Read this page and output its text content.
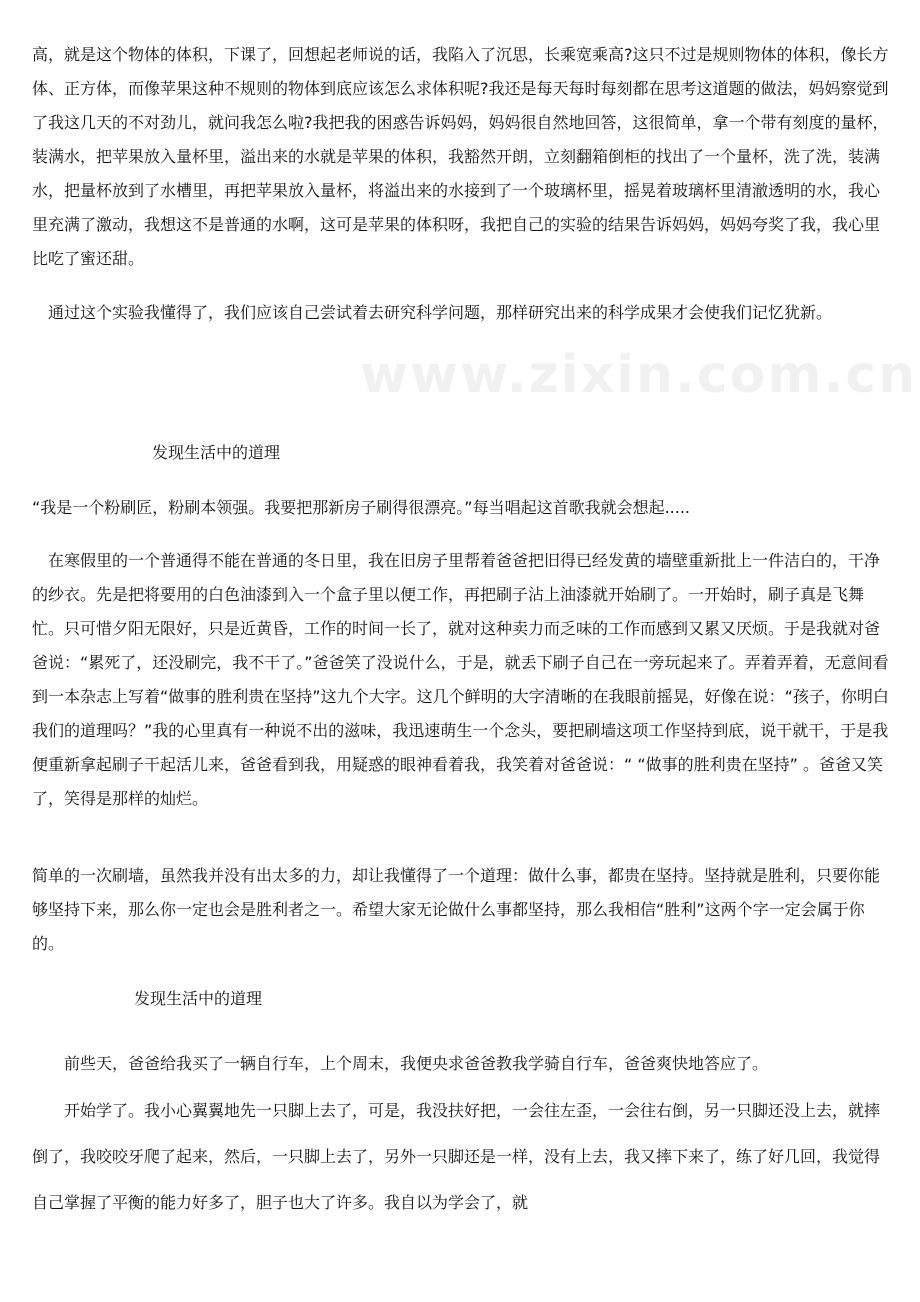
www.zixin.com.cn

高，就是这个物体的体积，下课了，回想起老师说的话，我陷入了沉思，长乘宽乘高?这只不过是规则物体的体积，像长方体、正方体，而像苹果这种不规则的物体到底应该怎么求体积呢?我还是每天每时每刻都在思考这道题的做法，妈妈察觉到了我这几天的不对劲儿，就问我怎么啦?我把我的困惑告诉妈妈，妈妈很自然地回答，这很简单，拿一个带有刻度的量杯，装满水，把苹果放入量杯里，溢出来的水就是苹果的体积，我豁然开朗，立刻翻箱倒柜的找出了一个量杯，洗了洗，装满水，把量杯放到了水槽里，再把苹果放入量杯，将溢出来的水接到了一个玻璃杯里，摇晃着玻璃杯里清澈透明的水，我心里充满了激动，我想这不是普通的水啊，这可是苹果的体积呀，我把自己的实验的结果告诉妈妈，妈妈夸奖了我，我心里比吃了蜜还甜。

　通过这个实验我懂得了，我们应该自己尝试着去研究科学问题，那样研究出来的科学成果才会使我们记忆犹新。

发现生活中的道理

“我是一个粉刷匠，粉刷本领强。我要把那新房子刷得很漂亮。”每当唱起这首歌我就会想起.....

　在寒假里的一个普通得不能在普通的冬日里，我在旧房子里帮着爸爸把旧得已经发黄的墙壁重新批上一件洁白的，干净的纱衣。先是把将要用的白色油漆到入一个盒子里以便工作，再把刷子沾上油漆就开始刷了。一开始时，刷子真是飞舞忙。只可惜夕阳无限好，只是近黄昏，工作的时间一长了，就对这种卖力而乏味的工作而感到又累又厌烦。于是我就对爸爸说：“累死了，还没刷完，我不干了。”爸爸笑了没说什么，于是，就丢下刷子自己在一旁玩起来了。弄着弄着，无意间看到一本杂志上写着“做事的胜利贵在坚持”这九个大字。这几个鲜明的大字清晰的在我眼前摇晃，好像在说：“孩子，你明白我们的道理吗？”我的心里真有一种说不出的滋味，我迅速萌生一个念头，要把刷墙这项工作坚持到底，说干就干，于是我便重新拿起刷子干起活儿来，爸爸看到我，用疑惑的眼神看着我，我笑着对爸爸说：“ “做事的胜利贵在坚持” 。爸爸又笑了，笑得是那样的灿烂。

简单的一次刷墙，虽然我并没有出太多的力，却让我懂得了一个道理：做什么事，都贵在坚持。坚持就是胜利，只要你能够坚持下来，那么你一定也会是胜利者之一。希望大家无论做什么事都坚持，那么我相信“胜利”这两个字一定会属于你的。

发现生活中的道理

　　前些天，爸爸给我买了一辆自行车，上个周末，我便央求爸爸教我学骑自行车，爸爸爽快地答应了。

　　开始学了。我小心翼翼地先一只脚上去了，可是，我没扶好把，一会往左歪，一会往右倒，另一只脚还没上去，就摔倒了，我咬咬牙爬了起来，然后，一只脚上去了，另外一只脚还是一样，没有上去，我又摔下来了，练了好几回，我觉得自己掌握了平衡的能力好多了，胆子也大了许多。我自以为学会了，就
